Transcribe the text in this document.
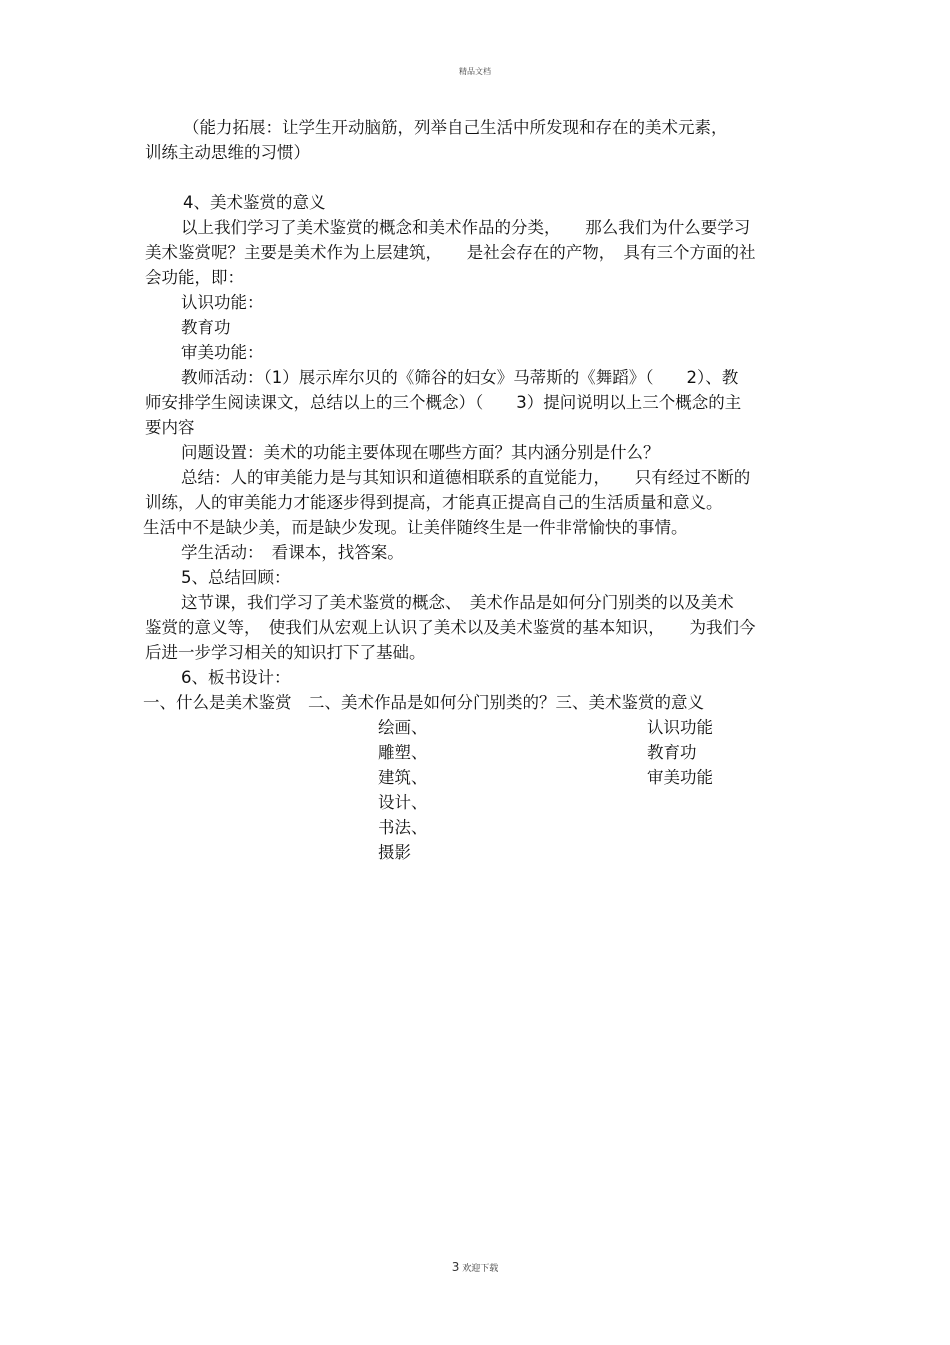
精品文档
绘画、
雕塑、
建筑、
设计、
书法、
摄影
认识功能
教育功
审美功能
（能力拓展：让学生开动脑筋，列举自己生活中所发现和存在的美术元素，
训练主动思维的习惯）
4、美术鉴赏的意义
以上我们学习了美术鉴赏的概念和美术作品的分类，　　那么我们为什么要学习
美术鉴赏呢？主要是美术作为上层建筑，　　是社会存在的产物，　具有三个方面的社
会功能，即：
认识功能：
教育功
审美功能：
教师活动：（1）展示库尔贝的《筛谷的妇女》马蒂斯的《舞蹈》（　　2）、教
师安排学生阅读课文，总结以上的三个概念）（　　3）提问说明以上三个概念的主
要内容
问题设置：美术的功能主要体现在哪些方面？其内涵分别是什么？
总结：人的审美能力是与其知识和道德相联系的直觉能力，　　只有经过不断的
训练，人的审美能力才能逐步得到提高，才能真正提高自己的生活质量和意义。
生活中不是缺少美，而是缺少发现。让美伴随终生是一件非常愉快的事情。
学生活动：　看课本，找答案。
5、总结回顾：
这节课，我们学习了美术鉴赏的概念、　美术作品是如何分门别类的以及美术
鉴赏的意义等，　使我们从宏观上认识了美术以及美术鉴赏的基本知识，　　为我们今
后进一步学习相关的知识打下了基础。
6、板书设计：
一、什么是美术鉴赏　二、美术作品是如何分门别类的？三、美术鉴赏的意义
3 欢迎下载
